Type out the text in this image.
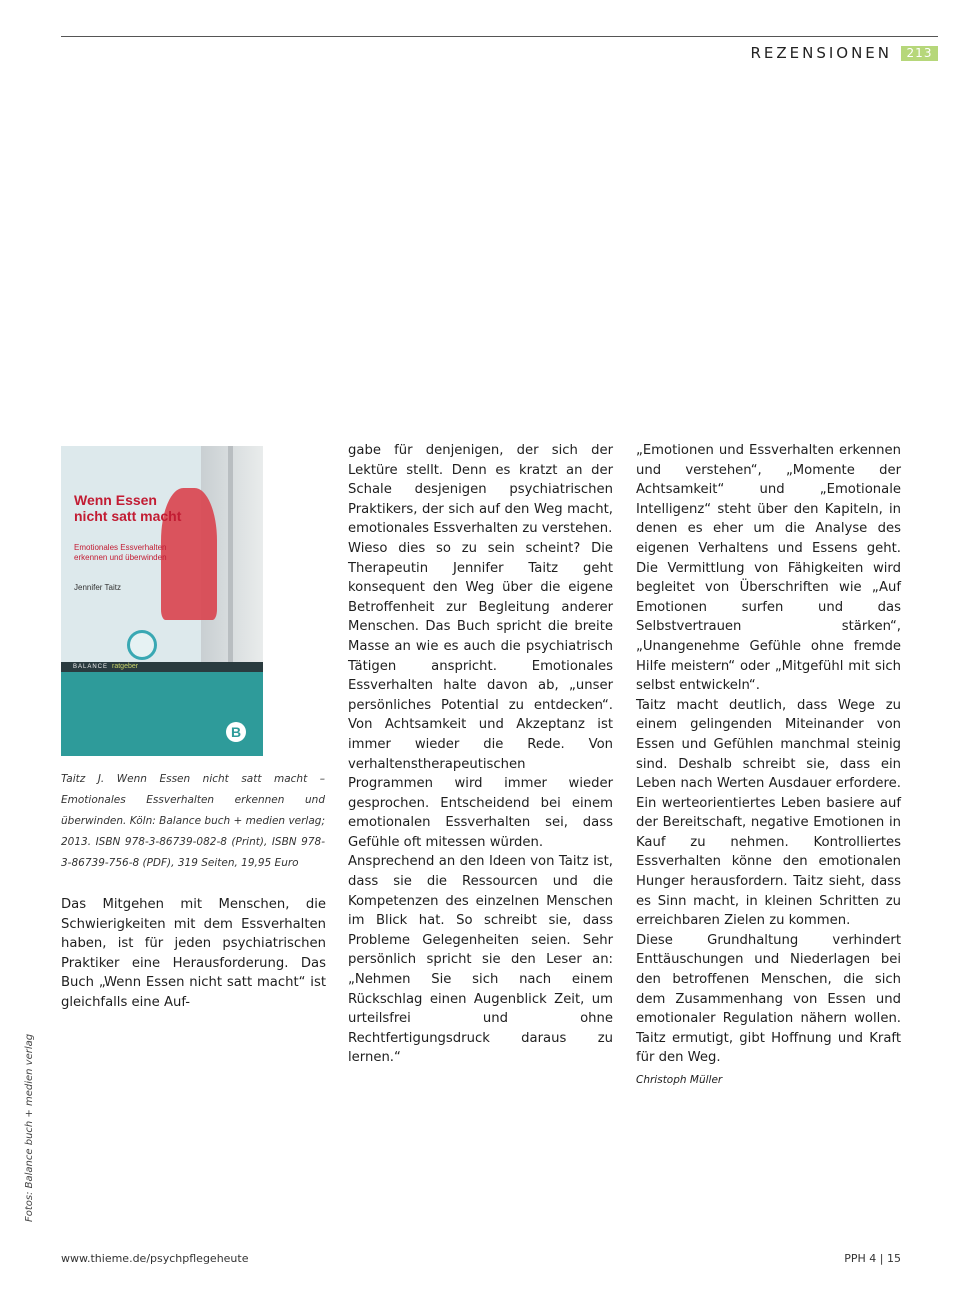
REZENSIONEN	213
Wenn Essen nicht satt macht
Emotionales Essverhalten erkennen und überwinden
Jennifer Taitz
BALANCE ratgeber
B

Taitz J. Wenn Essen nicht satt macht – Emotionales Essverhalten erkennen und überwinden. Köln: Balance buch + medien verlag; 2013. ISBN 978-3-86739-082-8 (Print), ISBN 978-3-86739-756-8 (PDF), 319 Seiten, 19,95 Euro

Das Mitgehen mit Menschen, die Schwierigkeiten mit dem Essverhalten haben, ist für jeden psychiatrischen Praktiker eine Herausforderung. Das Buch „Wenn Essen nicht satt macht“ ist gleichfalls eine Auf-

gabe für denjenigen, der sich der Lektüre stellt. Denn es kratzt an der Schale desjenigen psychiatrischen Praktikers, der sich auf den Weg macht, emotionales Essverhalten zu verstehen.

Wieso dies so zu sein scheint? Die Therapeutin Jennifer Taitz geht konsequent den Weg über die eigene Betroffenheit zur Begleitung anderer Menschen. Das Buch spricht die breite Masse an wie es auch die psychiatrisch Tätigen anspricht. Emotionales Essverhalten halte davon ab, „unser persönliches Potential zu entdecken“. Von Achtsamkeit und Akzeptanz ist immer wieder die Rede. Von verhaltenstherapeutischen Programmen wird immer wieder gesprochen. Entscheidend bei einem emotionalen Essverhalten sei, dass Gefühle oft mitessen würden.

Ansprechend an den Ideen von Taitz ist, dass sie die Ressourcen und die Kompetenzen des einzelnen Menschen im Blick hat. So schreibt sie, dass Probleme Gelegenheiten seien. Sehr persönlich spricht sie den Leser an: „Nehmen Sie sich nach einem Rückschlag einen Augenblick Zeit, um urteilsfrei und ohne Rechtfertigungsdruck daraus zu lernen.“

„Emotionen und Essverhalten erkennen und verstehen“, „Momente der Achtsamkeit“ und „Emotionale Intelligenz“ steht über den Kapiteln, in denen es eher um die Analyse des eigenen Verhaltens und Essens geht. Die Vermittlung von Fähigkeiten wird begleitet von Überschriften wie „Auf Emotionen surfen und das Selbstvertrauen stärken“, „Unangenehme Gefühle ohne fremde Hilfe meistern“ oder „Mitgefühl mit sich selbst entwickeln“.

Taitz macht deutlich, dass Wege zu einem gelingenden Miteinander von Essen und Gefühlen manchmal steinig sind. Deshalb schreibt sie, dass ein Leben nach Werten Ausdauer erfordere. Ein werteorientiertes Leben basiere auf der Bereitschaft, negative Emotionen in Kauf zu nehmen. Kontrolliertes Essverhalten könne den emotionalen Hunger herausfordern. Taitz sieht, dass es Sinn macht, in kleinen Schritten zu erreichbaren Zielen zu kommen.

Diese Grundhaltung verhindert Enttäuschungen und Niederlagen bei den betroffenen Menschen, die sich dem Zusammenhang von Essen und emotionaler Regulation nähern wollen. Taitz ermutigt, gibt Hoffnung und Kraft für den Weg.

Christoph Müller

Fotos: Balance buch + medien verlag
www.thieme.de/psychpflegeheute	PPH 4 | 15
